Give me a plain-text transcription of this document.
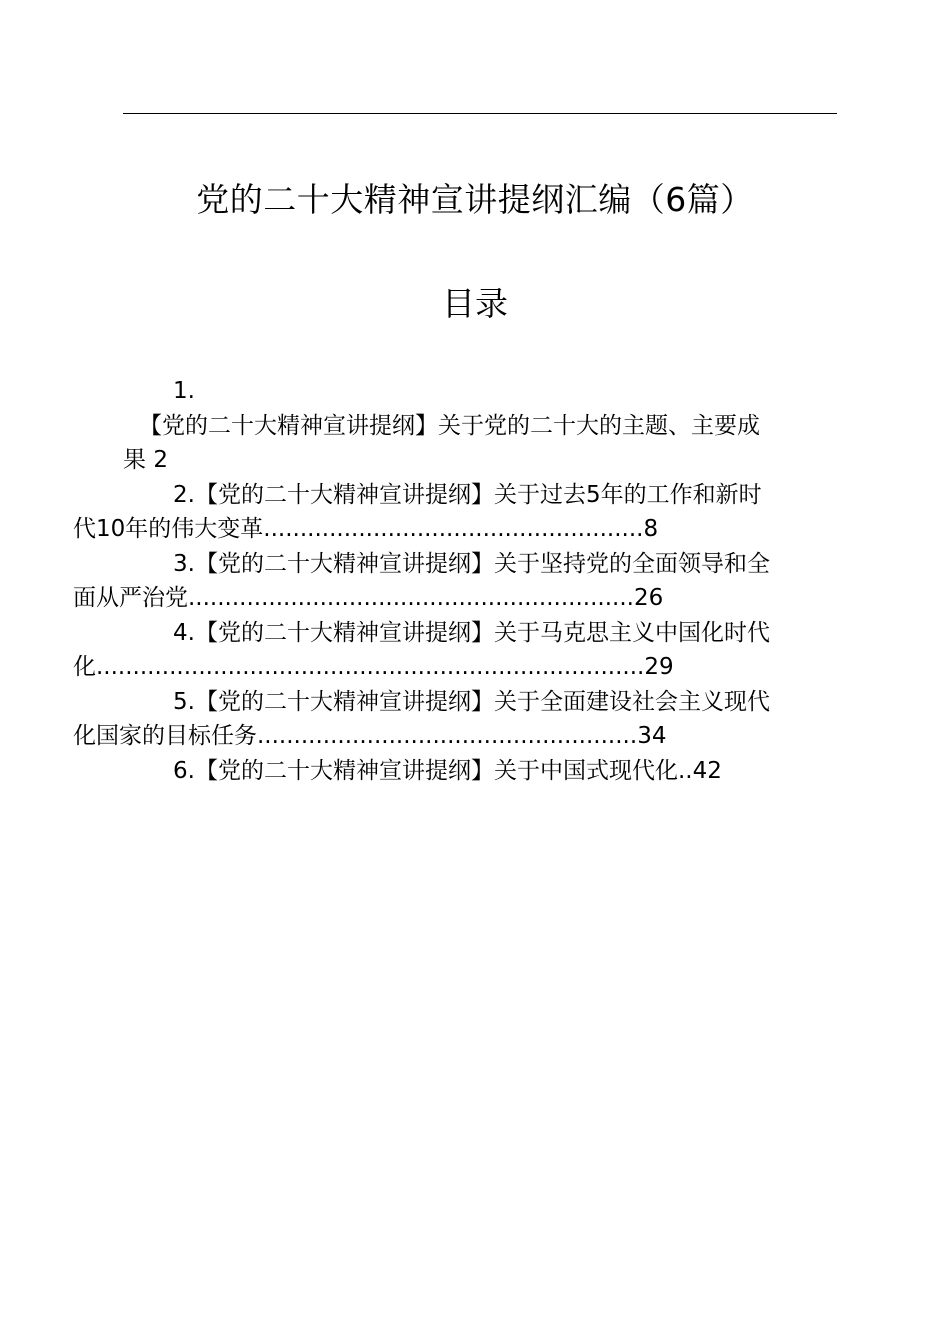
党的二十大精神宣讲提纲汇编（6篇）
目录
1.
【党的二十大精神宣讲提纲】关于党的二十大的主题、主要成
果 2
2.【党的二十大精神宣讲提纲】关于过去5年的工作和新时
代10年的伟大变革....................................................8
3.【党的二十大精神宣讲提纲】关于坚持党的全面领导和全
面从严治党.............................................................26
4.【党的二十大精神宣讲提纲】关于马克思主义中国化时代
化...........................................................................29
5.【党的二十大精神宣讲提纲】关于全面建设社会主义现代
化国家的目标任务....................................................34
6.【党的二十大精神宣讲提纲】关于中国式现代化..42
